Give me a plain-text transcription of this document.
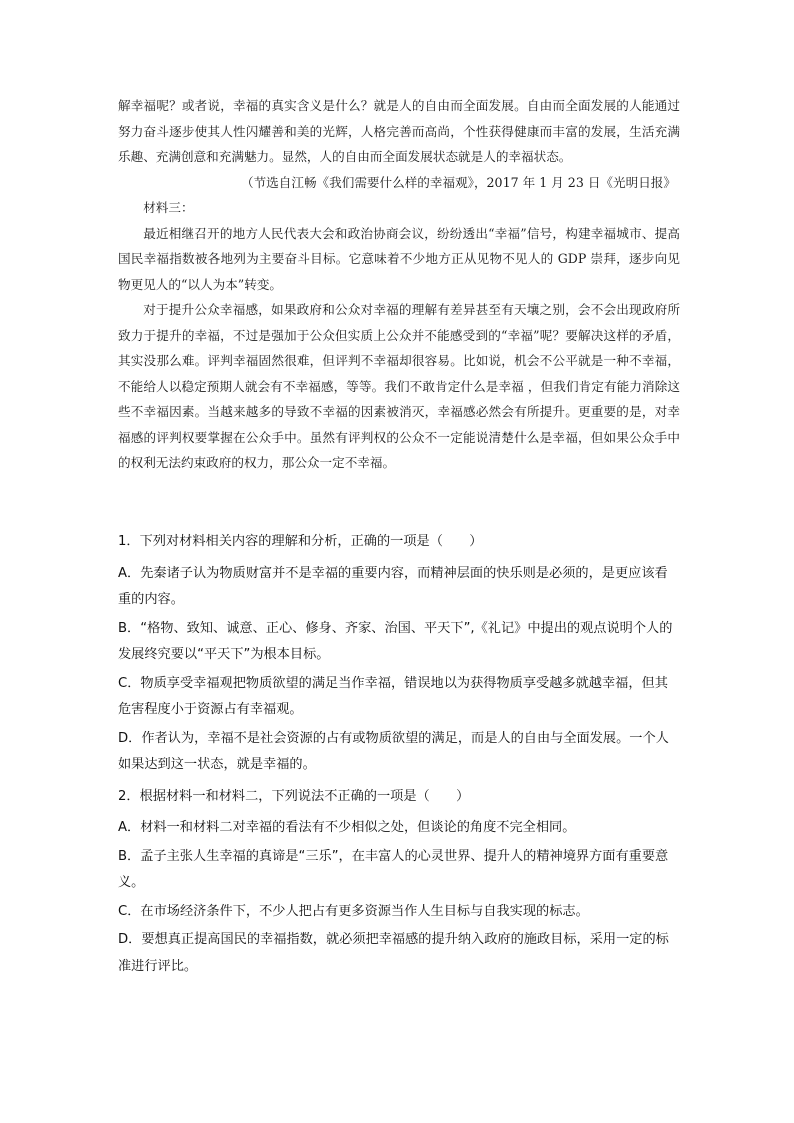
解幸福呢？或者说，幸福的真实含义是什么？就是人的自由而全面发展。自由而全面发展的人能通过努力奋斗逐步使其人性闪耀善和美的光辉，人格完善而高尚，个性获得健康而丰富的发展，生活充满乐趣、充满创意和充满魅力。显然，人的自由而全面发展状态就是人的幸福状态。

（节选自江畅《我们需要什么样的幸福观》，2017 年 1 月 23 日《光明日报》

材料三：

最近相继召开的地方人民代表大会和政治协商会议，纷纷透出“幸福”信号，构建幸福城市、提高国民幸福指数被各地列为主要奋斗目标。它意味着不少地方正从见物不见人的 GDP 崇拜，逐步向见物更见人的“以人为本”转变。

对于提升公众幸福感，如果政府和公众对幸福的理解有差异甚至有天壤之别，会不会出现政府所致力于提升的幸福，不过是强加于公众但实质上公众并不能感受到的“幸福”呢？要解决这样的矛盾，其实没那么难。评判幸福固然很难，但评判不幸福却很容易。比如说，机会不公平就是一种不幸福，不能给人以稳定预期人就会有不幸福感，等等。我们不敢肯定什么是幸福 ，但我们肯定有能力消除这些不幸福因素。当越来越多的导致不幸福的因素被消灭，幸福感必然会有所提升。更重要的是，对幸福感的评判权要掌握在公众手中。虽然有评判权的公众不一定能说清楚什么是幸福，但如果公众手中的权利无法约束政府的权力，那公众一定不幸福。

1．下列对材料相关内容的理解和分析，正确的一项是（　　）

A．先秦诸子认为物质财富并不是幸福的重要内容，而精神层面的快乐则是必须的，是更应该看重的内容。

B．“格物、致知、诚意、正心、修身、齐家、治国、平天下”,《礼记》中提出的观点说明个人的发展终究要以“平天下”为根本目标。

C．物质享受幸福观把物质欲望的满足当作幸福，错误地以为获得物质享受越多就越幸福，但其危害程度小于资源占有幸福观。

D．作者认为，幸福不是社会资源的占有或物质欲望的满足，而是人的自由与全面发展。一个人如果达到这一状态，就是幸福的。

2．根据材料一和材料二，下列说法不正确的一项是（　　）

A．材料一和材料二对幸福的看法有不少相似之处，但谈论的角度不完全相同。

B．孟子主张人生幸福的真谛是“三乐”，在丰富人的心灵世界、提升人的精神境界方面有重要意义。

C．在市场经济条件下，不少人把占有更多资源当作人生目标与自我实现的标志。

D．要想真正提高国民的幸福指数，就必须把幸福感的提升纳入政府的施政目标，采用一定的标准进行评比。
